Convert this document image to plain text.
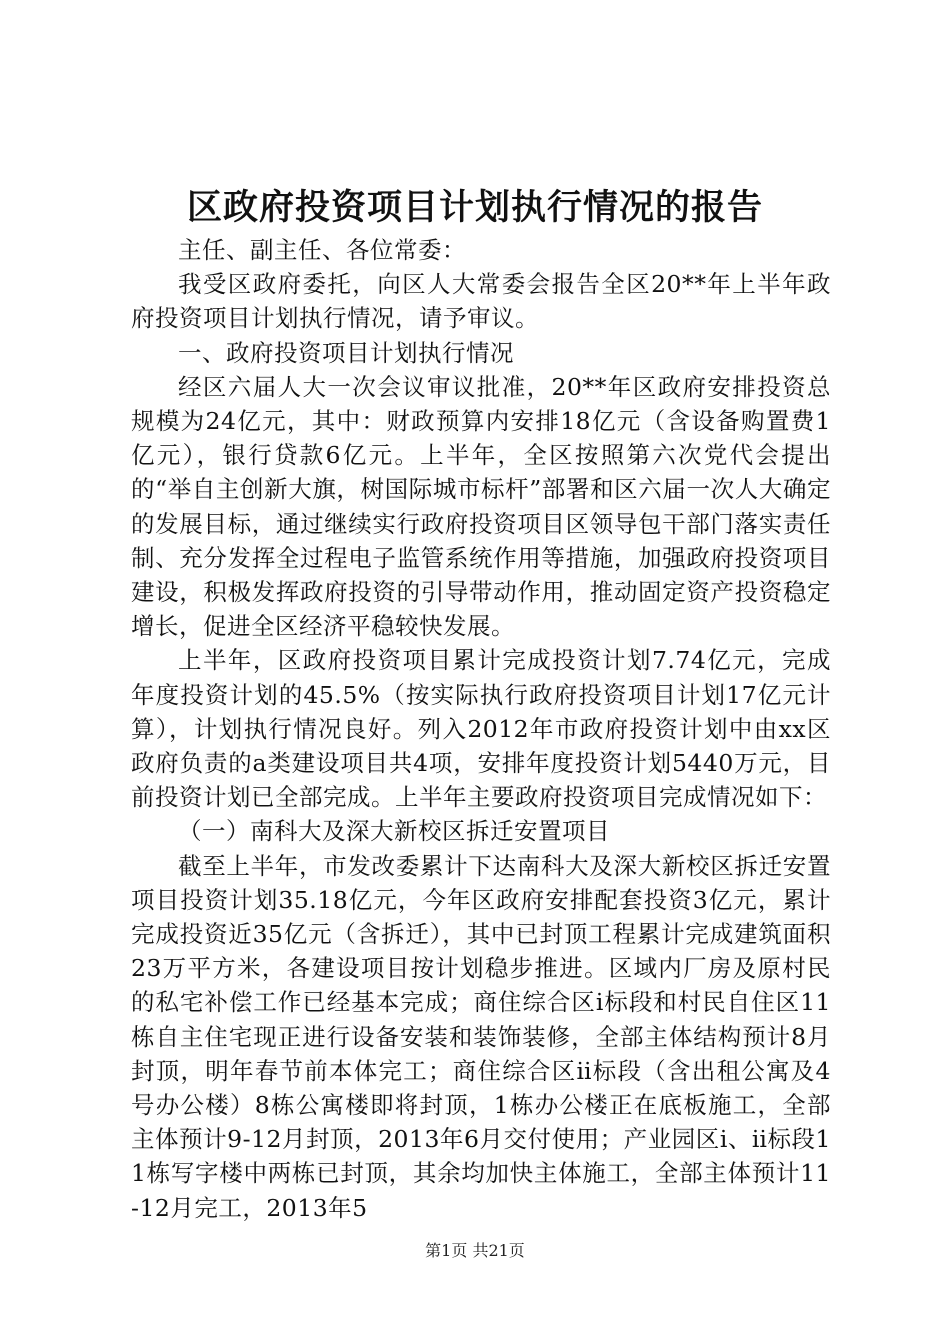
区政府投资项目计划执行情况的报告

主任、副主任、各位常委：

我受区政府委托，向区人大常委会报告全区20**年上半年政府投资项目计划执行情况，请予审议。

一、政府投资项目计划执行情况

经区六届人大一次会议审议批准，20**年区政府安排投资总规模为24亿元，其中：财政预算内安排18亿元（含设备购置费1亿元），银行贷款6亿元。上半年，全区按照第六次党代会提出的“举自主创新大旗，树国际城市标杆”部署和区六届一次人大确定的发展目标，通过继续实行政府投资项目区领导包干部门落实责任制、充分发挥全过程电子监管系统作用等措施，加强政府投资项目建设，积极发挥政府投资的引导带动作用，推动固定资产投资稳定增长，促进全区经济平稳较快发展。

上半年，区政府投资项目累计完成投资计划7.74亿元，完成年度投资计划的45.5%（按实际执行政府投资项目计划17亿元计算），计划执行情况良好。列入2012年市政府投资计划中由xx区政府负责的a类建设项目共4项，安排年度投资计划5440万元，目前投资计划已全部完成。上半年主要政府投资项目完成情况如下：

（一）南科大及深大新校区拆迁安置项目

截至上半年，市发改委累计下达南科大及深大新校区拆迁安置项目投资计划35.18亿元，今年区政府安排配套投资3亿元，累计完成投资近35亿元（含拆迁），其中已封顶工程累计完成建筑面积23万平方米，各建设项目按计划稳步推进。区域内厂房及原村民的私宅补偿工作已经基本完成；商住综合区ⅰ标段和村民自住区11栋自主住宅现正进行设备安装和装饰装修，全部主体结构预计8月封顶，明年春节前本体完工；商住综合区ⅱ标段（含出租公寓及4号办公楼）8栋公寓楼即将封顶，1栋办公楼正在底板施工，全部主体预计9-12月封顶，2013年6月交付使用；产业园区ⅰ、ⅱ标段11栋写字楼中两栋已封顶，其余均加快主体施工，全部主体预计11-12月完工，2013年5

第1页 共21页
